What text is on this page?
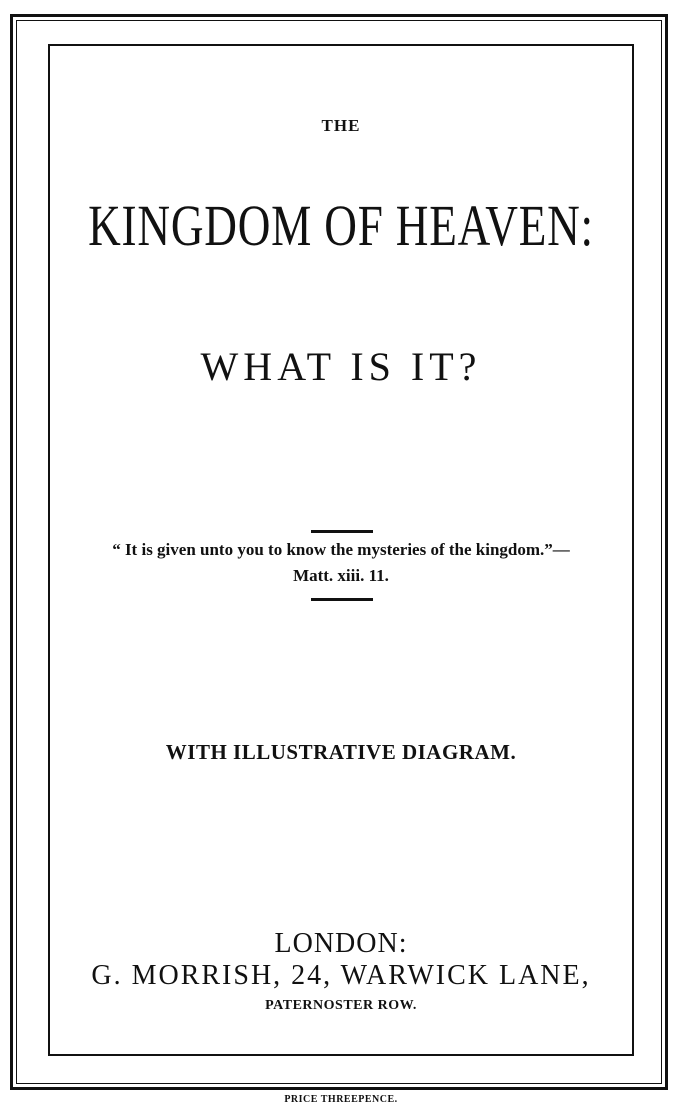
THE
KINGDOM OF HEAVEN:
WHAT IS IT?
“ It is given unto you to know the mysteries of the kingdom.”—
Matt. xiii. 11.
WITH ILLUSTRATIVE DIAGRAM.
LONDON:
G. MORRISH, 24, WARWICK LANE,
PATERNOSTER ROW.
PRICE THREEPENCE.
